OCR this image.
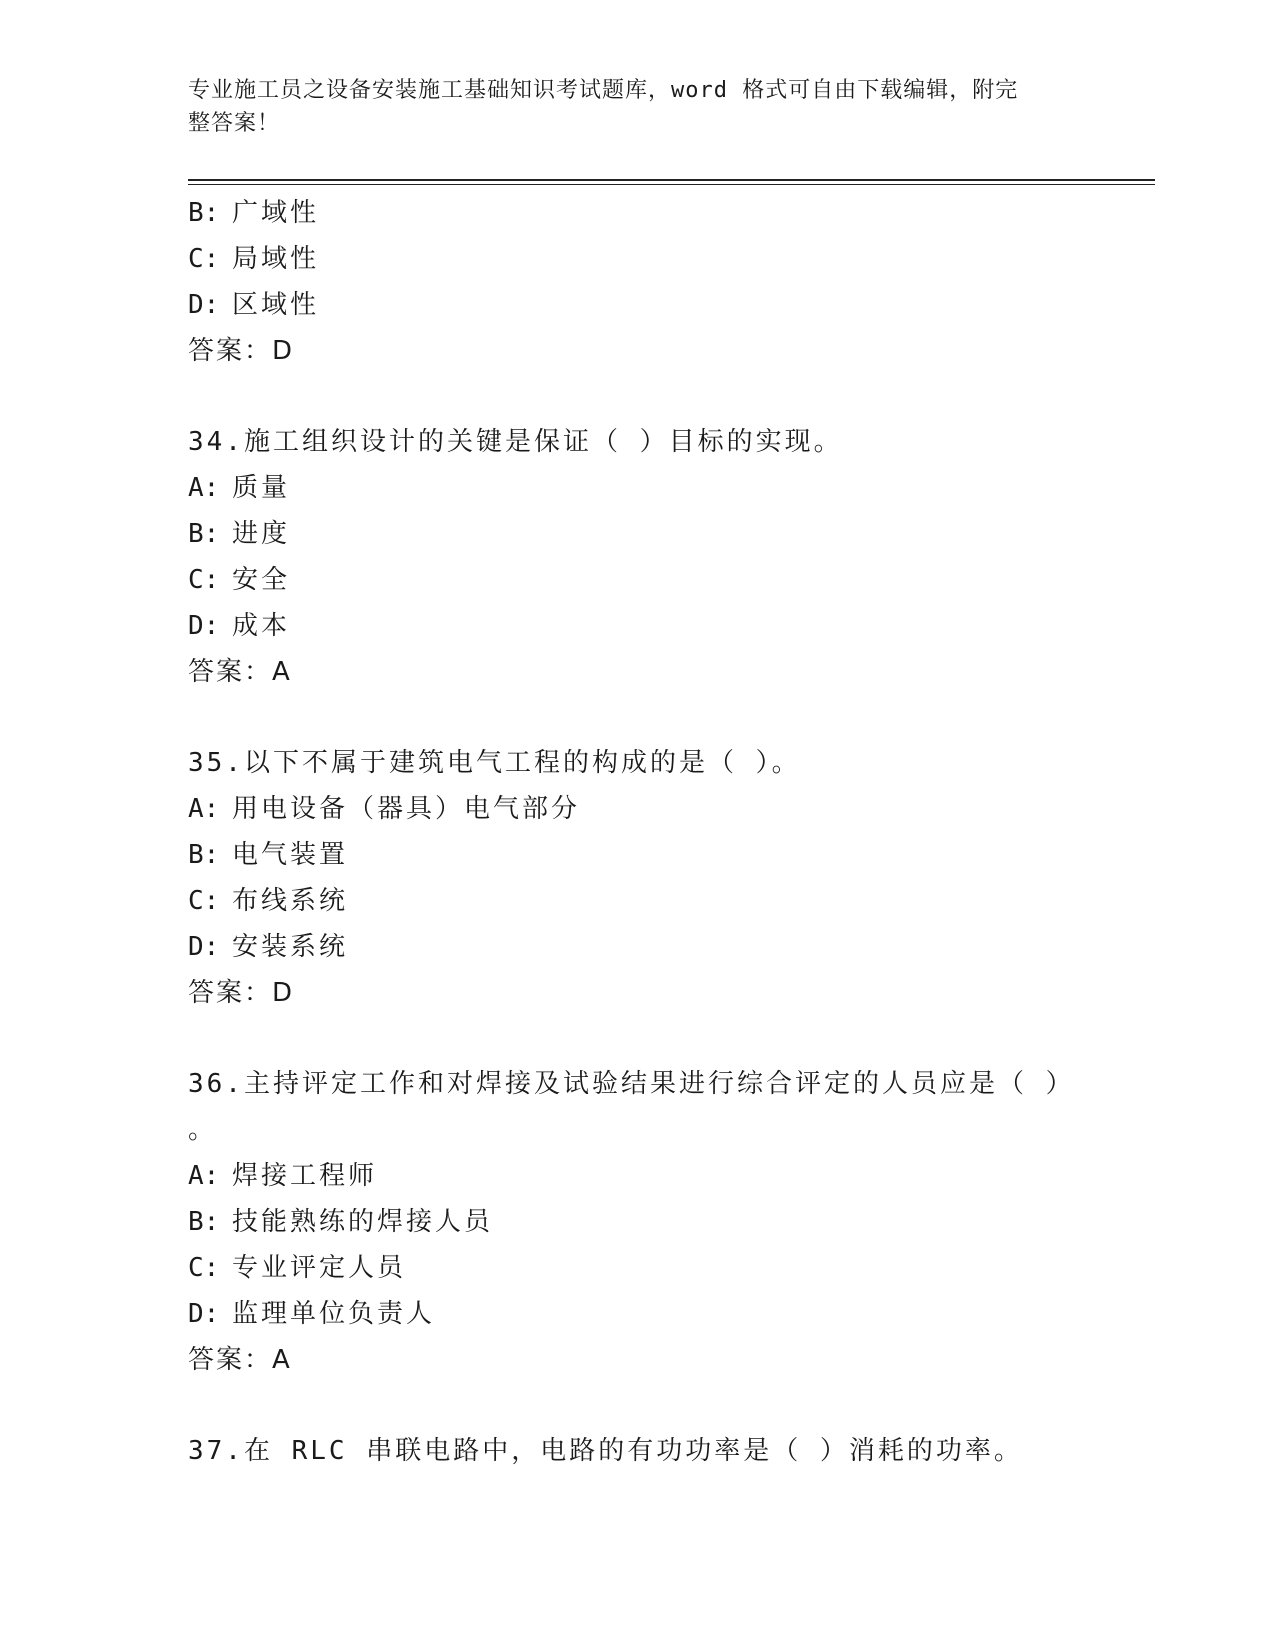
专业施工员之设备安装施工基础知识考试题库，word 格式可自由下载编辑，附完
整答案！
B: 广域性
C: 局域性
D: 区域性
答案：D
34.施工组织设计的关键是保证（ ）目标的实现。
A: 质量
B: 进度
C: 安全
D: 成本
答案：A
35.以下不属于建筑电气工程的构成的是（ ）。
A: 用电设备（器具）电气部分
B: 电气装置
C: 布线系统
D: 安装系统
答案：D
36.主持评定工作和对焊接及试验结果进行综合评定的人员应是（ ）
。
A: 焊接工程师
B: 技能熟练的焊接人员
C: 专业评定人员
D: 监理单位负责人
答案：A
37.在 RLC 串联电路中，电路的有功功率是（ ）消耗的功率。
